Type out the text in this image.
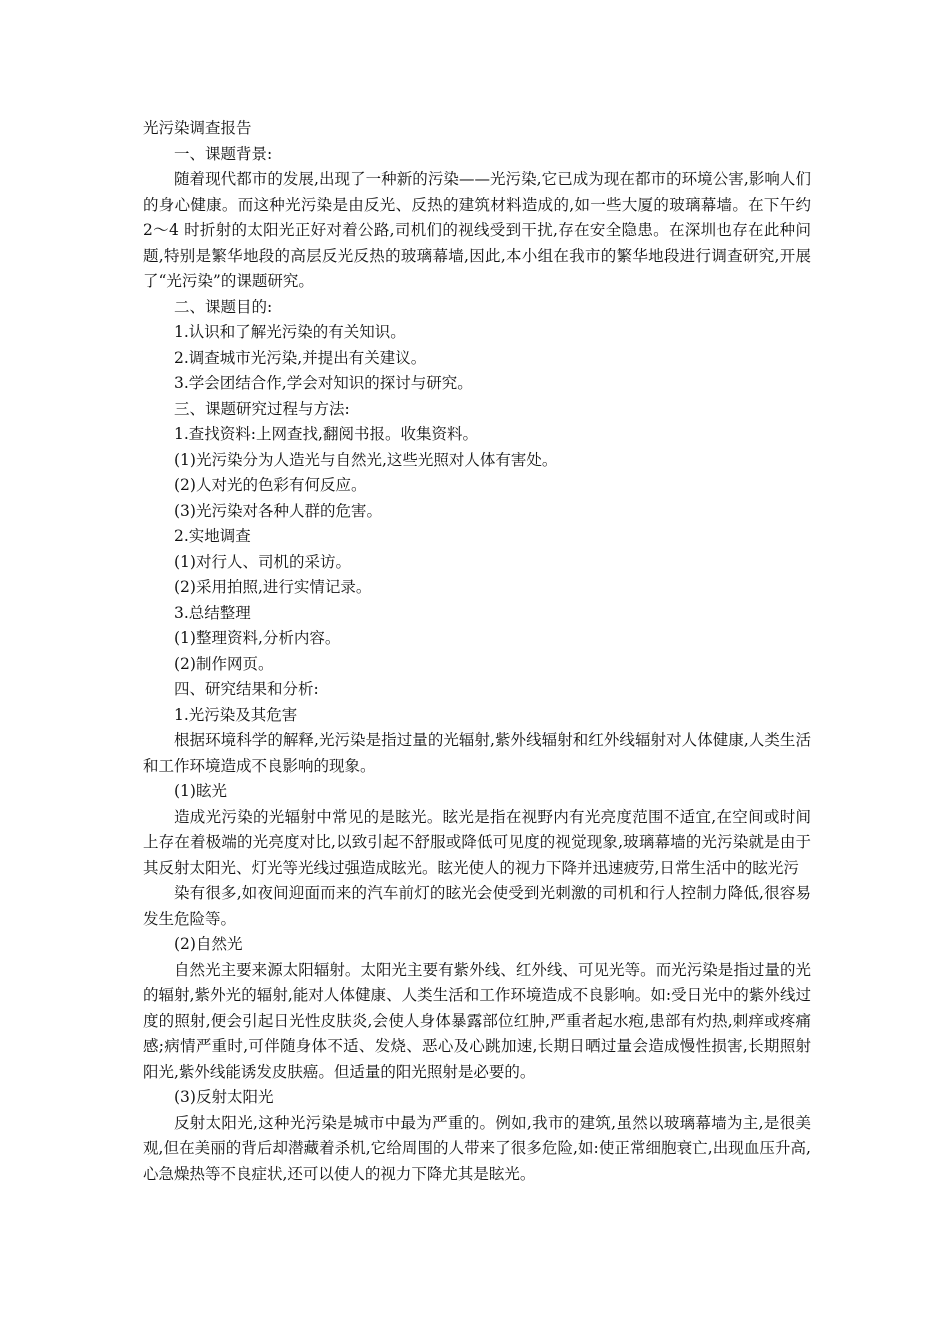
光污染调查报告

一、课题背景:

随着现代都市的发展,出现了一种新的污染——光污染,它已成为现在都市的环境公害,影响人们的身心健康。而这种光污染是由反光、反热的建筑材料造成的,如一些大厦的玻璃幕墙。在下午约 2～4 时折射的太阳光正好对着公路,司机们的视线受到干扰,存在安全隐患。在深圳也存在此种问题,特别是繁华地段的高层反光反热的玻璃幕墙,因此,本小组在我市的繁华地段进行调查研究,开展了“光污染”的课题研究。

二、课题目的:

1.认识和了解光污染的有关知识。

2.调查城市光污染,并提出有关建议。

3.学会团结合作,学会对知识的探讨与研究。

三、课题研究过程与方法:

1.查找资料:上网查找,翻阅书报。收集资料。

(1)光污染分为人造光与自然光,这些光照对人体有害处。

(2)人对光的色彩有何反应。

(3)光污染对各种人群的危害。

2.实地调查

(1)对行人、司机的采访。

(2)采用拍照,进行实情记录。

3.总结整理

(1)整理资料,分析内容。

(2)制作网页。

四、研究结果和分析:

1.光污染及其危害

根据环境科学的解释,光污染是指过量的光辐射,紫外线辐射和红外线辐射对人体健康,人类生活和工作环境造成不良影响的现象。

(1)眩光

造成光污染的光辐射中常见的是眩光。眩光是指在视野内有光亮度范围不适宜,在空间或时间上存在着极端的光亮度对比,以致引起不舒服或降低可见度的视觉现象,玻璃幕墙的光污染就是由于其反射太阳光、灯光等光线过强造成眩光。眩光使人的视力下降并迅速疲劳,日常生活中的眩光污

染有很多,如夜间迎面而来的汽车前灯的眩光会使受到光刺激的司机和行人控制力降低,很容易发生危险等。

(2)自然光

自然光主要来源太阳辐射。太阳光主要有紫外线、红外线、可见光等。而光污染是指过量的光的辐射,紫外光的辐射,能对人体健康、人类生活和工作环境造成不良影响。如:受日光中的紫外线过度的照射,便会引起日光性皮肤炎,会使人身体暴露部位红肿,严重者起水疱,患部有灼热,刺痒或疼痛感;病情严重时,可伴随身体不适、发烧、恶心及心跳加速,长期日晒过量会造成慢性损害,长期照射阳光,紫外线能诱发皮肤癌。但适量的阳光照射是必要的。

(3)反射太阳光

反射太阳光,这种光污染是城市中最为严重的。例如,我市的建筑,虽然以玻璃幕墙为主,是很美观,但在美丽的背后却潜藏着杀机,它给周围的人带来了很多危险,如:使正常细胞衰亡,出现血压升高,心急燥热等不良症状,还可以使人的视力下降尤其是眩光。
